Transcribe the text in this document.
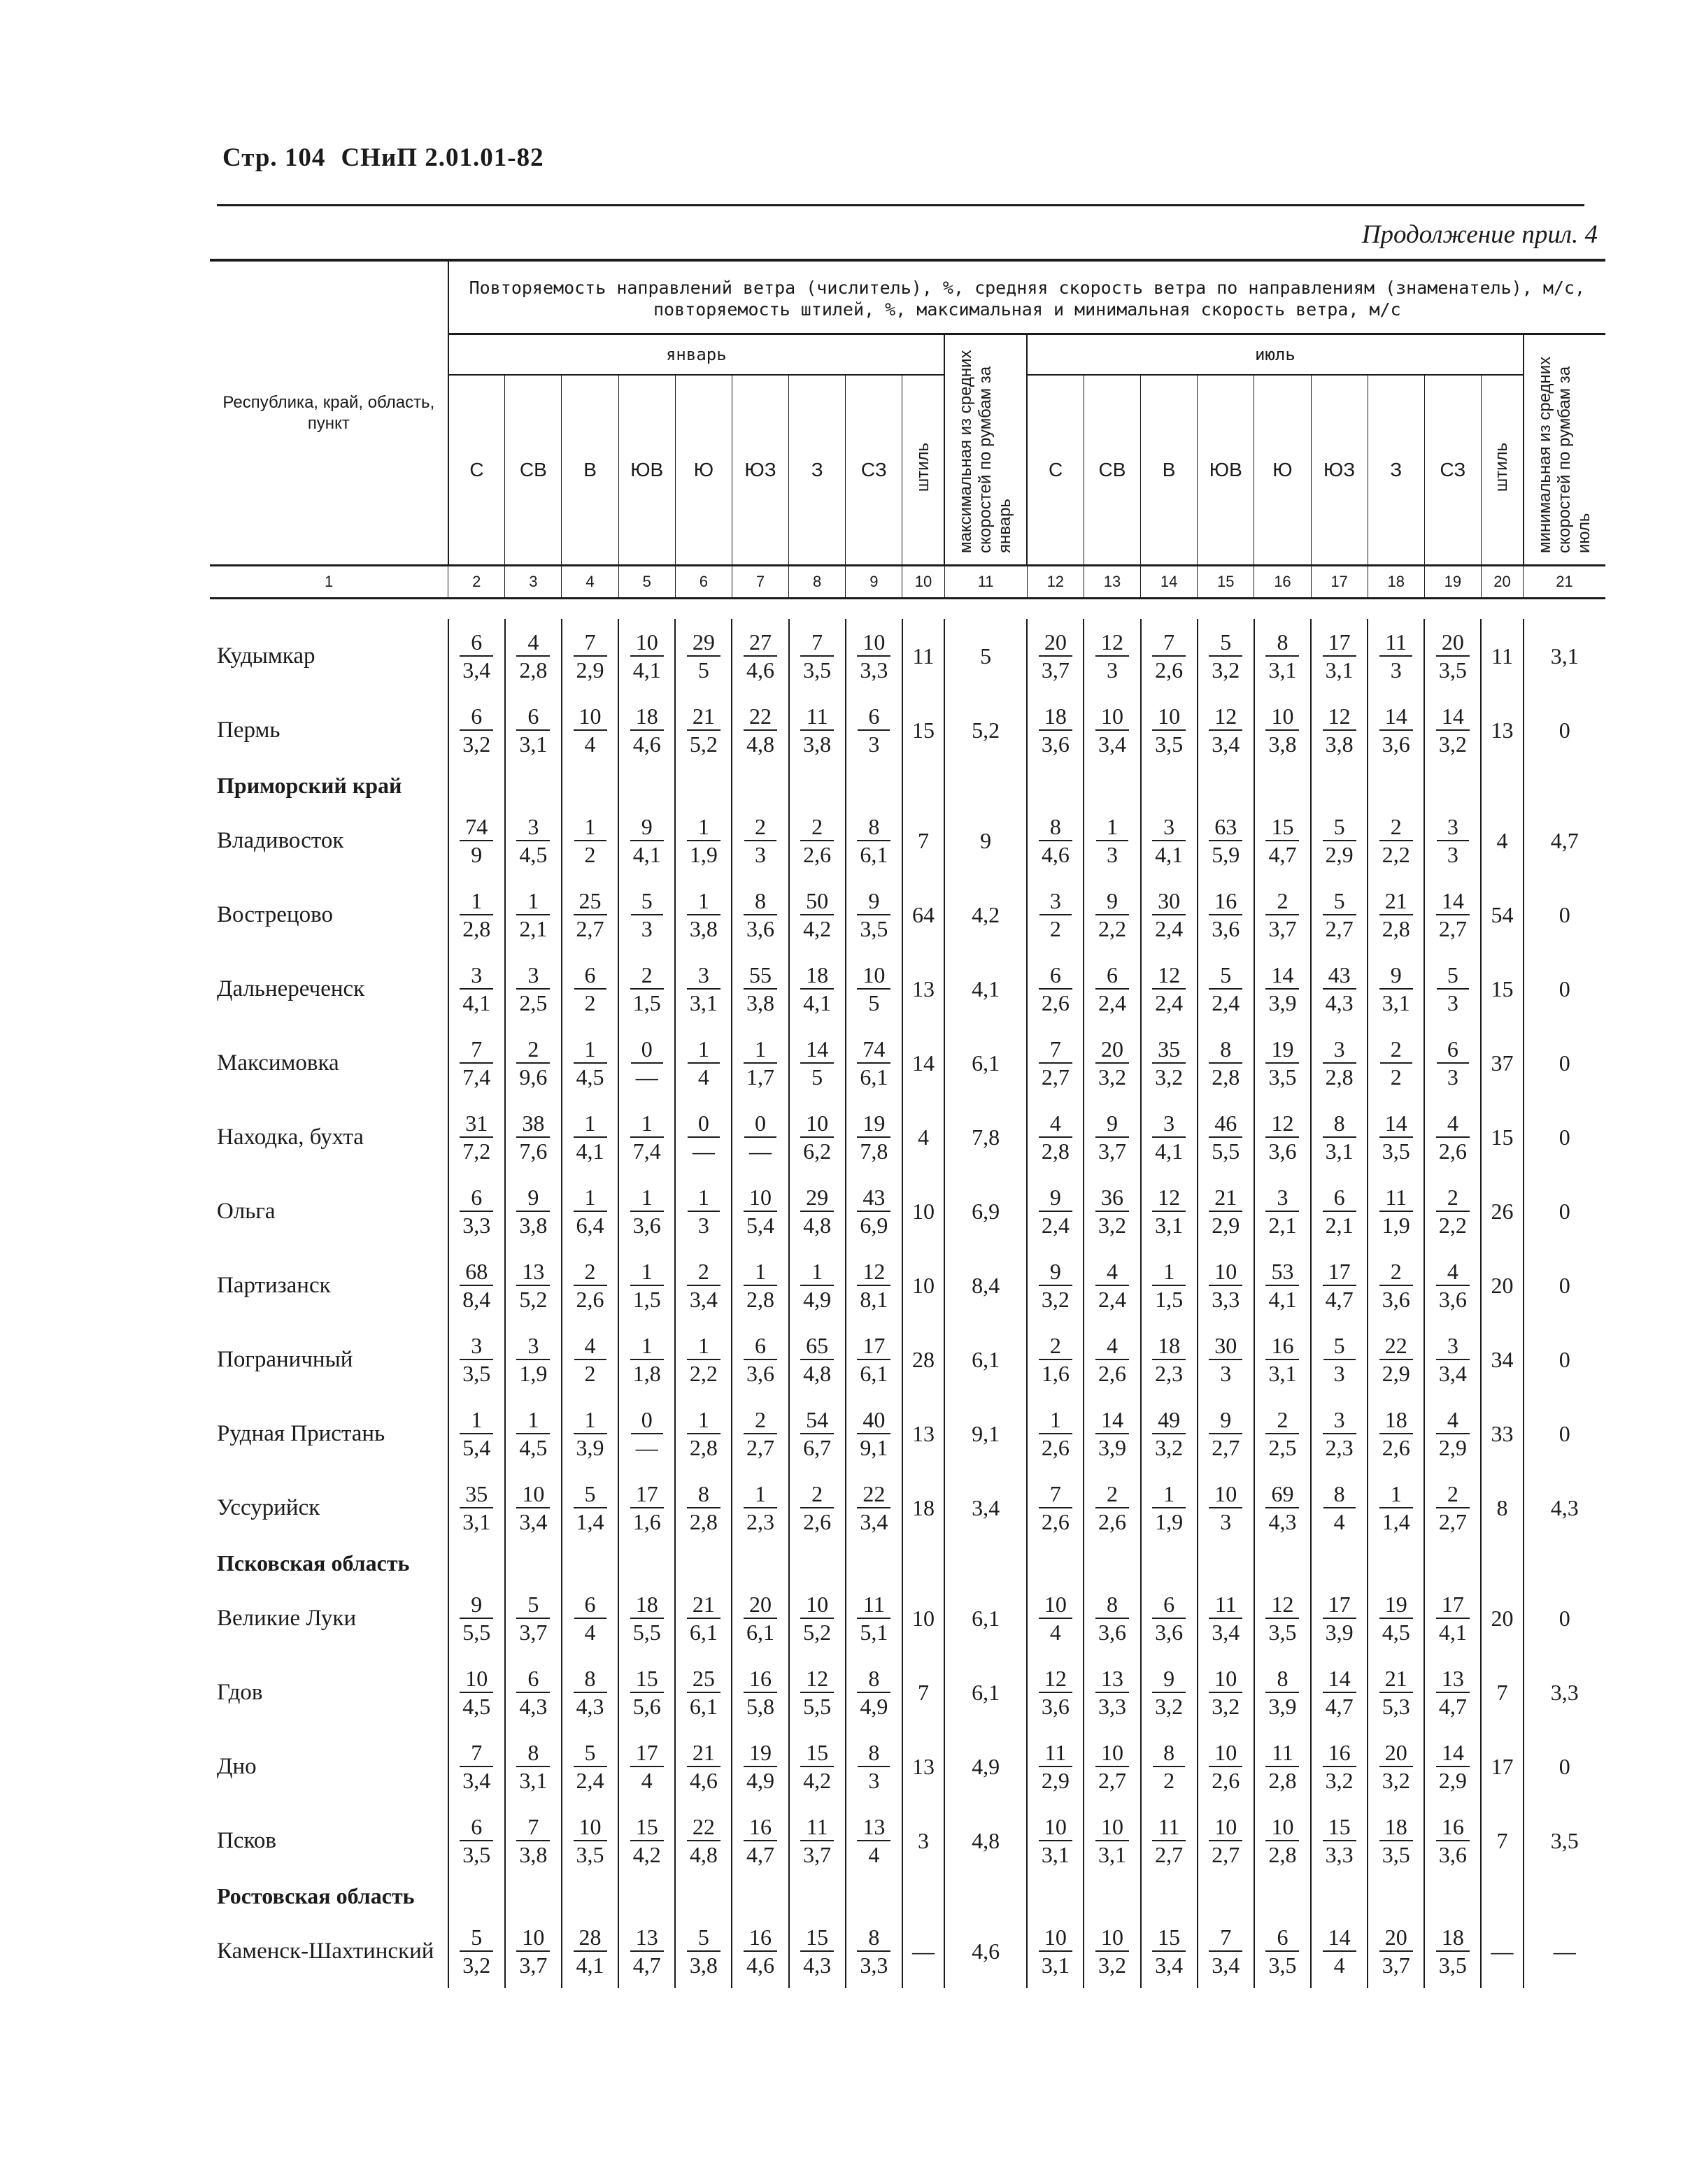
Стр. 104 СНиП 2.01.01-82
Продолжение прил. 4
Республика, край, область, пункт	Повторяемость направлений ветра (числитель), %, средняя скорость ветра по направлениям (знаменатель), м/с, повторяемость штилей, %, максимальная и минимальная скорость ветра, м/с																			
	январь									максимальная из средних скоростей по румбам за январь	июль									минимальная из средних скоростей по румбам за июль
	С	СВ	В	ЮВ	Ю	ЮЗ	З	СЗ	штиль		С	СВ	В	ЮВ	Ю	ЮЗ	З	СЗ	штиль	
1	2	3	4	5	6	7	8	9	10	11	12	13	14	15	16	17	18	19	20	21

Кудымкар	$\frac{6}{3,4}$	$\frac{4}{2,8}$	$\frac{7}{2,9}$	$\frac{10}{4,1}$	$\frac{29}{5}$	$\frac{27}{4,6}$	$\frac{7}{3,5}$	$\frac{10}{3,3}$	11	5	$\frac{20}{3,7}$	$\frac{12}{3}$	$\frac{7}{2,6}$	$\frac{5}{3,2}$	$\frac{8}{3,1}$	$\frac{17}{3,1}$	$\frac{11}{3}$	$\frac{20}{3,5}$	11	3,1
Пермь	$\frac{6}{3,2}$	$\frac{6}{3,1}$	$\frac{10}{4}$	$\frac{18}{4,6}$	$\frac{21}{5,2}$	$\frac{22}{4,8}$	$\frac{11}{3,8}$	$\frac{6}{3}$	15	5,2	$\frac{18}{3,6}$	$\frac{10}{3,4}$	$\frac{10}{3,5}$	$\frac{12}{3,4}$	$\frac{10}{3,8}$	$\frac{12}{3,8}$	$\frac{14}{3,6}$	$\frac{14}{3,2}$	13	0
Приморский край																				
Владивосток	$\frac{74}{9}$	$\frac{3}{4,5}$	$\frac{1}{2}$	$\frac{9}{4,1}$	$\frac{1}{1,9}$	$\frac{2}{3}$	$\frac{2}{2,6}$	$\frac{8}{6,1}$	7	9	$\frac{8}{4,6}$	$\frac{1}{3}$	$\frac{3}{4,1}$	$\frac{63}{5,9}$	$\frac{15}{4,7}$	$\frac{5}{2,9}$	$\frac{2}{2,2}$	$\frac{3}{3}$	4	4,7
Вострецово	$\frac{1}{2,8}$	$\frac{1}{2,1}$	$\frac{25}{2,7}$	$\frac{5}{3}$	$\frac{1}{3,8}$	$\frac{8}{3,6}$	$\frac{50}{4,2}$	$\frac{9}{3,5}$	64	4,2	$\frac{3}{2}$	$\frac{9}{2,2}$	$\frac{30}{2,4}$	$\frac{16}{3,6}$	$\frac{2}{3,7}$	$\frac{5}{2,7}$	$\frac{21}{2,8}$	$\frac{14}{2,7}$	54	0
Дальнереченск	$\frac{3}{4,1}$	$\frac{3}{2,5}$	$\frac{6}{2}$	$\frac{2}{1,5}$	$\frac{3}{3,1}$	$\frac{55}{3,8}$	$\frac{18}{4,1}$	$\frac{10}{5}$	13	4,1	$\frac{6}{2,6}$	$\frac{6}{2,4}$	$\frac{12}{2,4}$	$\frac{5}{2,4}$	$\frac{14}{3,9}$	$\frac{43}{4,3}$	$\frac{9}{3,1}$	$\frac{5}{3}$	15	0
Максимовка	$\frac{7}{7,4}$	$\frac{2}{9,6}$	$\frac{1}{4,5}$	$\frac{0}{—}$	$\frac{1}{4}$	$\frac{1}{1,7}$	$\frac{14}{5}$	$\frac{74}{6,1}$	14	6,1	$\frac{7}{2,7}$	$\frac{20}{3,2}$	$\frac{35}{3,2}$	$\frac{8}{2,8}$	$\frac{19}{3,5}$	$\frac{3}{2,8}$	$\frac{2}{2}$	$\frac{6}{3}$	37	0
Находка, бухта	$\frac{31}{7,2}$	$\frac{38}{7,6}$	$\frac{1}{4,1}$	$\frac{1}{7,4}$	$\frac{0}{—}$	$\frac{0}{—}$	$\frac{10}{6,2}$	$\frac{19}{7,8}$	4	7,8	$\frac{4}{2,8}$	$\frac{9}{3,7}$	$\frac{3}{4,1}$	$\frac{46}{5,5}$	$\frac{12}{3,6}$	$\frac{8}{3,1}$	$\frac{14}{3,5}$	$\frac{4}{2,6}$	15	0
Ольга	$\frac{6}{3,3}$	$\frac{9}{3,8}$	$\frac{1}{6,4}$	$\frac{1}{3,6}$	$\frac{1}{3}$	$\frac{10}{5,4}$	$\frac{29}{4,8}$	$\frac{43}{6,9}$	10	6,9	$\frac{9}{2,4}$	$\frac{36}{3,2}$	$\frac{12}{3,1}$	$\frac{21}{2,9}$	$\frac{3}{2,1}$	$\frac{6}{2,1}$	$\frac{11}{1,9}$	$\frac{2}{2,2}$	26	0
Партизанск	$\frac{68}{8,4}$	$\frac{13}{5,2}$	$\frac{2}{2,6}$	$\frac{1}{1,5}$	$\frac{2}{3,4}$	$\frac{1}{2,8}$	$\frac{1}{4,9}$	$\frac{12}{8,1}$	10	8,4	$\frac{9}{3,2}$	$\frac{4}{2,4}$	$\frac{1}{1,5}$	$\frac{10}{3,3}$	$\frac{53}{4,1}$	$\frac{17}{4,7}$	$\frac{2}{3,6}$	$\frac{4}{3,6}$	20	0
Пограничный	$\frac{3}{3,5}$	$\frac{3}{1,9}$	$\frac{4}{2}$	$\frac{1}{1,8}$	$\frac{1}{2,2}$	$\frac{6}{3,6}$	$\frac{65}{4,8}$	$\frac{17}{6,1}$	28	6,1	$\frac{2}{1,6}$	$\frac{4}{2,6}$	$\frac{18}{2,3}$	$\frac{30}{3}$	$\frac{16}{3,1}$	$\frac{5}{3}$	$\frac{22}{2,9}$	$\frac{3}{3,4}$	34	0
Рудная Пристань	$\frac{1}{5,4}$	$\frac{1}{4,5}$	$\frac{1}{3,9}$	$\frac{0}{—}$	$\frac{1}{2,8}$	$\frac{2}{2,7}$	$\frac{54}{6,7}$	$\frac{40}{9,1}$	13	9,1	$\frac{1}{2,6}$	$\frac{14}{3,9}$	$\frac{49}{3,2}$	$\frac{9}{2,7}$	$\frac{2}{2,5}$	$\frac{3}{2,3}$	$\frac{18}{2,6}$	$\frac{4}{2,9}$	33	0
Уссурийск	$\frac{35}{3,1}$	$\frac{10}{3,4}$	$\frac{5}{1,4}$	$\frac{17}{1,6}$	$\frac{8}{2,8}$	$\frac{1}{2,3}$	$\frac{2}{2,6}$	$\frac{22}{3,4}$	18	3,4	$\frac{7}{2,6}$	$\frac{2}{2,6}$	$\frac{1}{1,9}$	$\frac{10}{3}$	$\frac{69}{4,3}$	$\frac{8}{4}$	$\frac{1}{1,4}$	$\frac{2}{2,7}$	8	4,3
Псковская область																				
Великие Луки	$\frac{9}{5,5}$	$\frac{5}{3,7}$	$\frac{6}{4}$	$\frac{18}{5,5}$	$\frac{21}{6,1}$	$\frac{20}{6,1}$	$\frac{10}{5,2}$	$\frac{11}{5,1}$	10	6,1	$\frac{10}{4}$	$\frac{8}{3,6}$	$\frac{6}{3,6}$	$\frac{11}{3,4}$	$\frac{12}{3,5}$	$\frac{17}{3,9}$	$\frac{19}{4,5}$	$\frac{17}{4,1}$	20	0
Гдов	$\frac{10}{4,5}$	$\frac{6}{4,3}$	$\frac{8}{4,3}$	$\frac{15}{5,6}$	$\frac{25}{6,1}$	$\frac{16}{5,8}$	$\frac{12}{5,5}$	$\frac{8}{4,9}$	7	6,1	$\frac{12}{3,6}$	$\frac{13}{3,3}$	$\frac{9}{3,2}$	$\frac{10}{3,2}$	$\frac{8}{3,9}$	$\frac{14}{4,7}$	$\frac{21}{5,3}$	$\frac{13}{4,7}$	7	3,3
Дно	$\frac{7}{3,4}$	$\frac{8}{3,1}$	$\frac{5}{2,4}$	$\frac{17}{4}$	$\frac{21}{4,6}$	$\frac{19}{4,9}$	$\frac{15}{4,2}$	$\frac{8}{3}$	13	4,9	$\frac{11}{2,9}$	$\frac{10}{2,7}$	$\frac{8}{2}$	$\frac{10}{2,6}$	$\frac{11}{2,8}$	$\frac{16}{3,2}$	$\frac{20}{3,2}$	$\frac{14}{2,9}$	17	0
Псков	$\frac{6}{3,5}$	$\frac{7}{3,8}$	$\frac{10}{3,5}$	$\frac{15}{4,2}$	$\frac{22}{4,8}$	$\frac{16}{4,7}$	$\frac{11}{3,7}$	$\frac{13}{4}$	3	4,8	$\frac{10}{3,1}$	$\frac{10}{3,1}$	$\frac{11}{2,7}$	$\frac{10}{2,7}$	$\frac{10}{2,8}$	$\frac{15}{3,3}$	$\frac{18}{3,5}$	$\frac{16}{3,6}$	7	3,5
Ростовская область																				
Каменск-Шахтинский	$\frac{5}{3,2}$	$\frac{10}{3,7}$	$\frac{28}{4,1}$	$\frac{13}{4,7}$	$\frac{5}{3,8}$	$\frac{16}{4,6}$	$\frac{15}{4,3}$	$\frac{8}{3,3}$	—	4,6	$\frac{10}{3,1}$	$\frac{10}{3,2}$	$\frac{15}{3,4}$	$\frac{7}{3,4}$	$\frac{6}{3,5}$	$\frac{14}{4}$	$\frac{20}{3,7}$	$\frac{18}{3,5}$	—	—
